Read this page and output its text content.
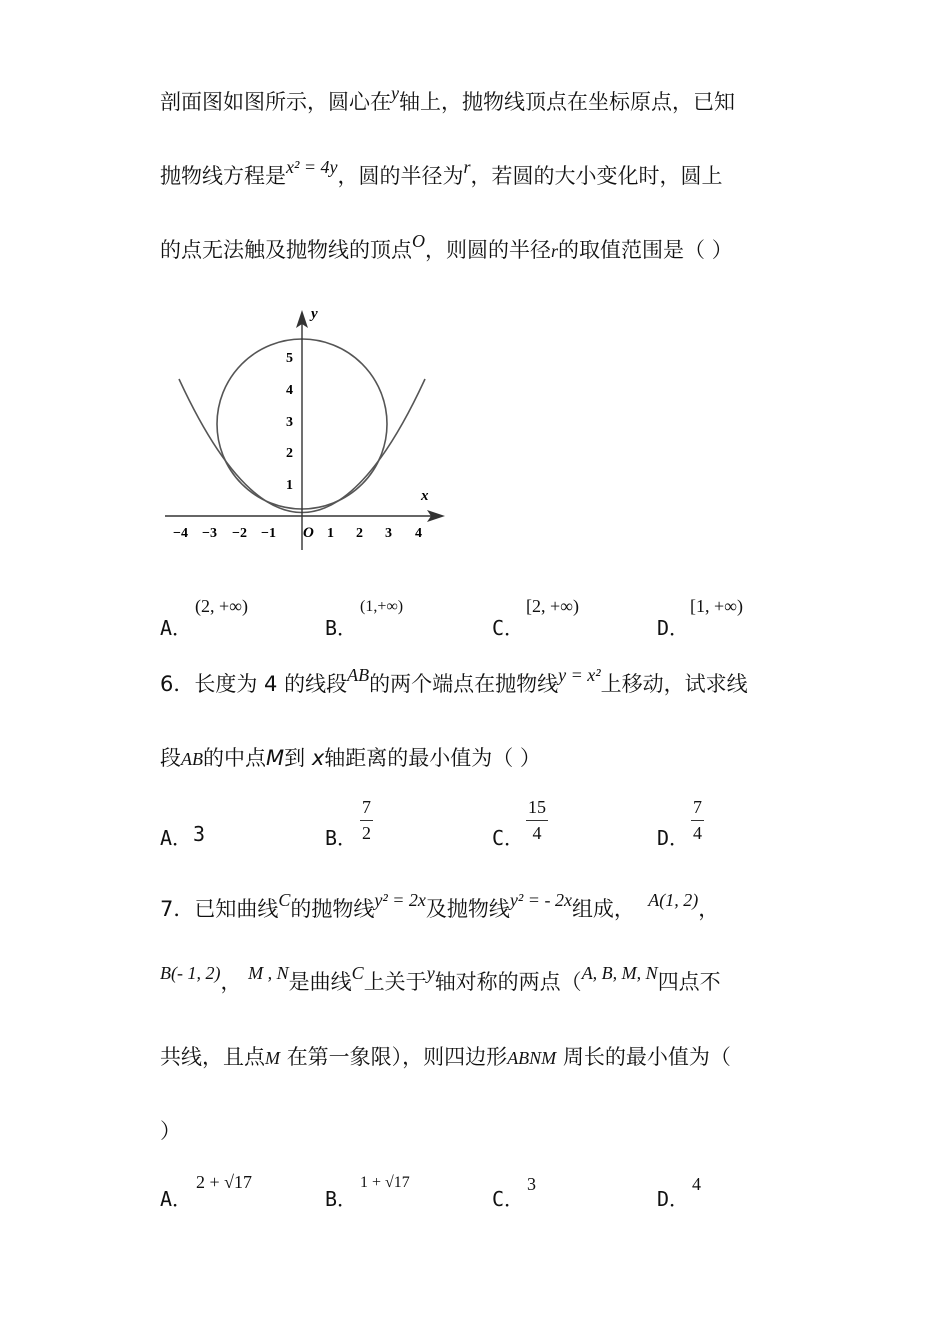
剖面图如图所示，圆心在y轴上，抛物线顶点在坐标原点，已知
抛物线方程是x² = 4y，圆的半径为r，若圆的大小变化时，圆上
的点无法触及抛物线的顶点O，则圆的半径r的取值范围是（ ）
y
x
O
−4 −3 −2 −1	1 2 3 4
1
2
3
4
5
A．
(2, +∞)
B．
(1,+∞)
C．
[2, +∞)
D．
[1, +∞)
6．长度为 4 的线段AB的两个端点在抛物线y = x²上移动，试求线
段AB的中点M到 x轴距离的最小值为（ ）
A． 3	B．
7
2	C．
15
4	D．
7
4
7．已知曲线C的抛物线y² = 2x及抛物线y² = - 2x组成， A(1, 2)，
B(- 1, 2)， M , N是曲线C上关于y轴对称的两点（A, B, M, N四点不
共线，且点M 在第一象限），则四边形ABNM 周长的最小值为（
）
A．
2 + √17
B．
1 + √17
C．
3
D．
4
